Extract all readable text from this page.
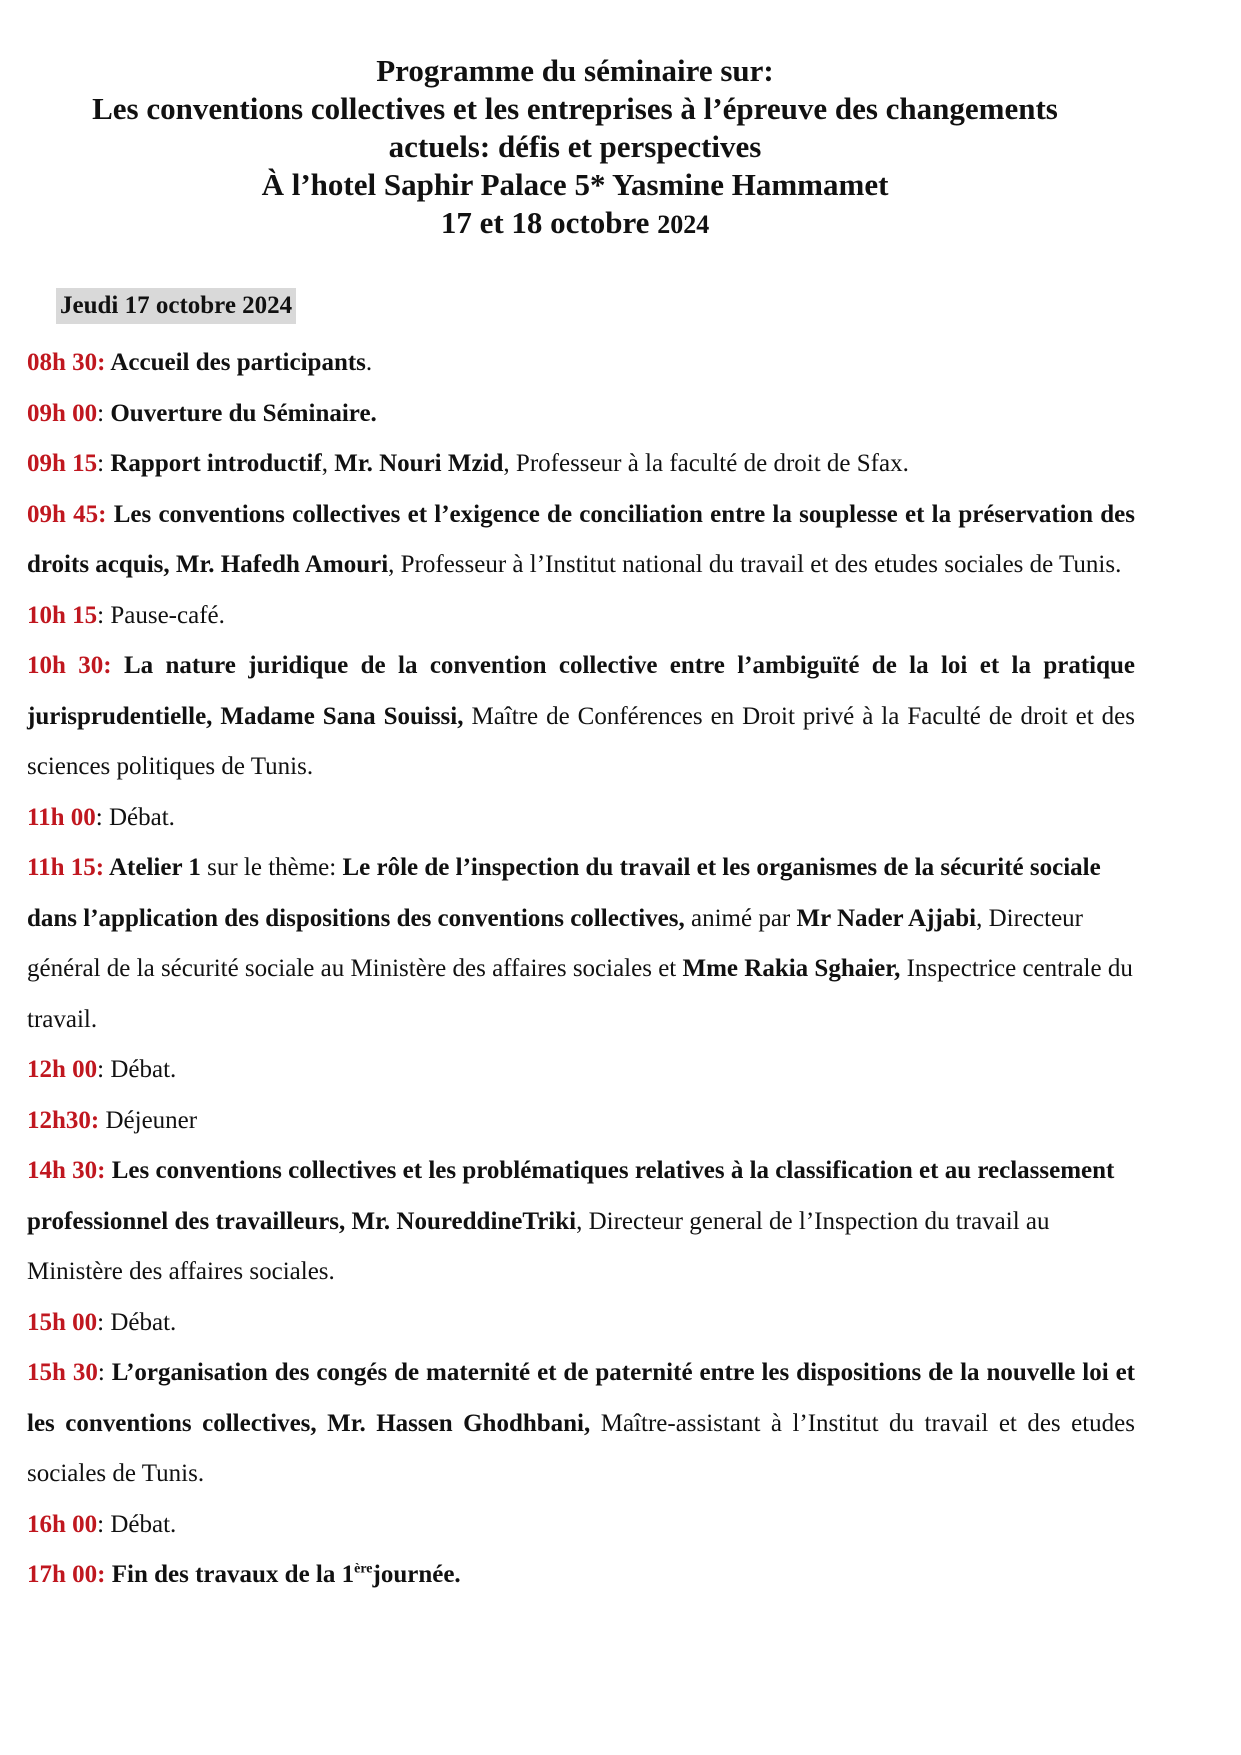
Programme du séminaire sur:
Les conventions collectives et les entreprises à l’épreuve des changements
actuels: défis et perspectives
À l’hotel Saphir Palace 5* Yasmine Hammamet
17 et 18 octobre 2024
Jeudi 17 octobre 2024

08h 30: Accueil des participants.

09h 00: Ouverture du Séminaire.

09h 15: Rapport introductif, Mr. Nouri Mzid, Professeur à la faculté de droit de Sfax.

09h 45: Les conventions collectives et l’exigence de conciliation entre la souplesse et la préservation des droits acquis, Mr. Hafedh Amouri, Professeur à l’Institut national du travail et des etudes sociales de Tunis.

10h 15: Pause-café.

10h 30: La nature juridique de la convention collective entre l’ambiguïté de la loi et la pratique jurisprudentielle, Madame Sana Souissi, Maître de Conférences en Droit privé à la Faculté de droit et des sciences politiques de Tunis.

11h 00: Débat.

11h 15: Atelier 1 sur le thème: Le rôle de l’inspection du travail et les organismes de la sécurité sociale dans l’application des dispositions des conventions collectives, animé par Mr Nader Ajjabi, Directeur général de la sécurité sociale au Ministère des affaires sociales et Mme Rakia Sghaier, Inspectrice centrale du travail.

12h 00: Débat.

12h30: Déjeuner

14h 30: Les conventions collectives et les problématiques relatives à la classification et au reclassement professionnel des travailleurs, Mr. NoureddineTriki, Directeur general de l’Inspection du travail au Ministère des affaires sociales.

15h 00: Débat.

15h 30: L’organisation des congés de maternité et de paternité entre les dispositions de la nouvelle loi et les conventions collectives, Mr. Hassen Ghodhbani, Maître-assistant à l’Institut du travail et des etudes sociales de Tunis.

16h 00: Débat.

17h 00: Fin des travaux de la 1èrejournée.
